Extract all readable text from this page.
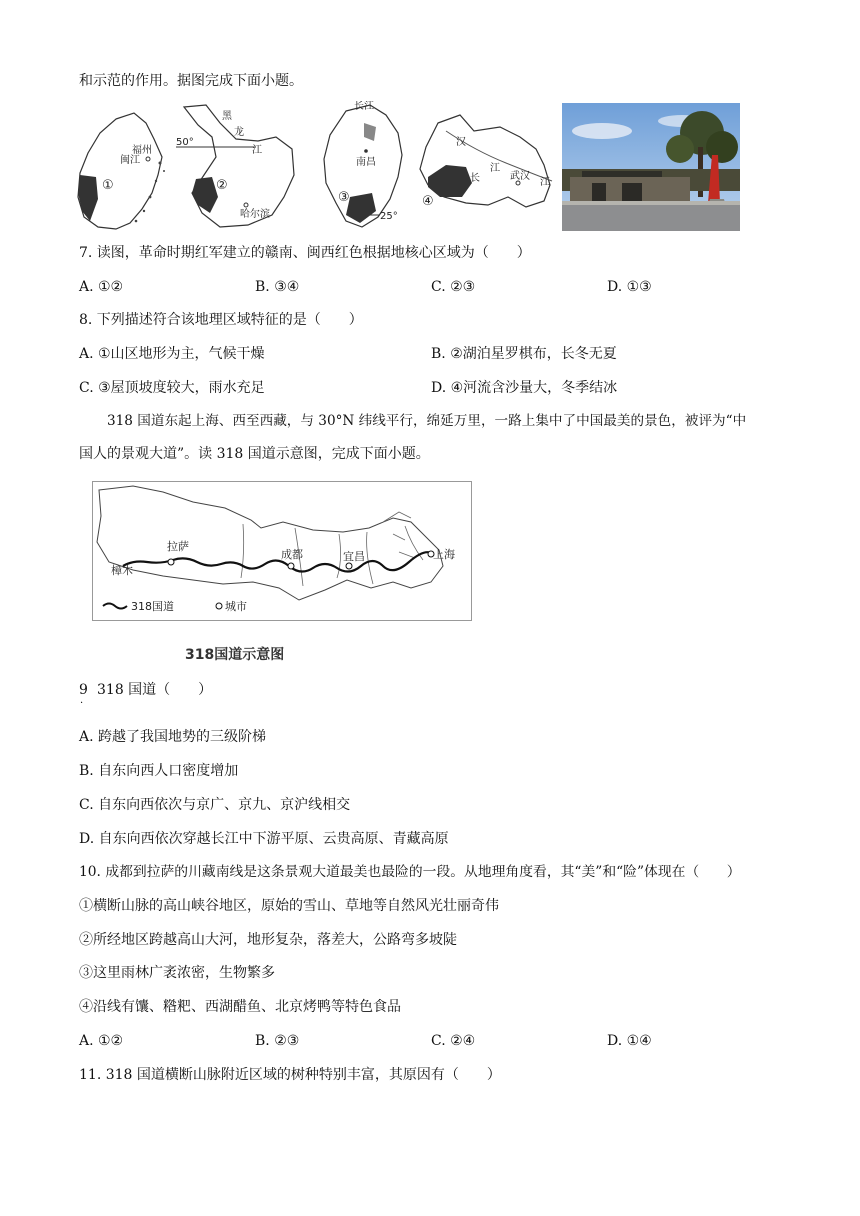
和示范的作用。据图完成下面小题。
福州
闽江
①
黑
龙
江
50°
哈尔滨
②
长江
南昌
25°
③
汉
江
长	武汉
江
④
7. 读图，革命时期红军建立的赣南、闽西红色根据地核心区域为（　　）
A. ①②	B. ③④	C. ②③	D. ①③
8. 下列描述符合该地理区域特征的是（　　）
A. ①山区地形为主，气候干燥	B. ②湖泊星罗棋布，长冬无夏
C. ③屋顶坡度较大，雨水充足	D. ④河流含沙量大，冬季结冰
318 国道东起上海、西至西藏，与 30°N 纬线平行，绵延万里，一路上集中了中国最美的景色，被评为“中
国人的景观大道”。读 318 国道示意图，完成下面小题。
拉萨
成都	宜昌	上海
樟木
318国道	城市
318国道示意图
9
·
318 国道（　　）
A. 跨越了我国地势的三级阶梯
B. 自东向西人口密度增加
C. 自东向西依次与京广、京九、京沪线相交
D. 自东向西依次穿越长江中下游平原、云贵高原、青藏高原
10. 成都到拉萨的川藏南线是这条景观大道最美也最险的一段。从地理角度看，其“美”和“险”体现在（　　）
①横断山脉的高山峡谷地区，原始的雪山、草地等自然风光壮丽奇伟
②所经地区跨越高山大河，地形复杂，落差大，公路弯多坡陡
③这里雨林广袤浓密，生物繁多
④沿线有馕、糌粑、西湖醋鱼、北京烤鸭等特色食品
A. ①②	B. ②③	C. ②④	D. ①④
11. 318 国道横断山脉附近区域的树种特别丰富，其原因有（　　）
